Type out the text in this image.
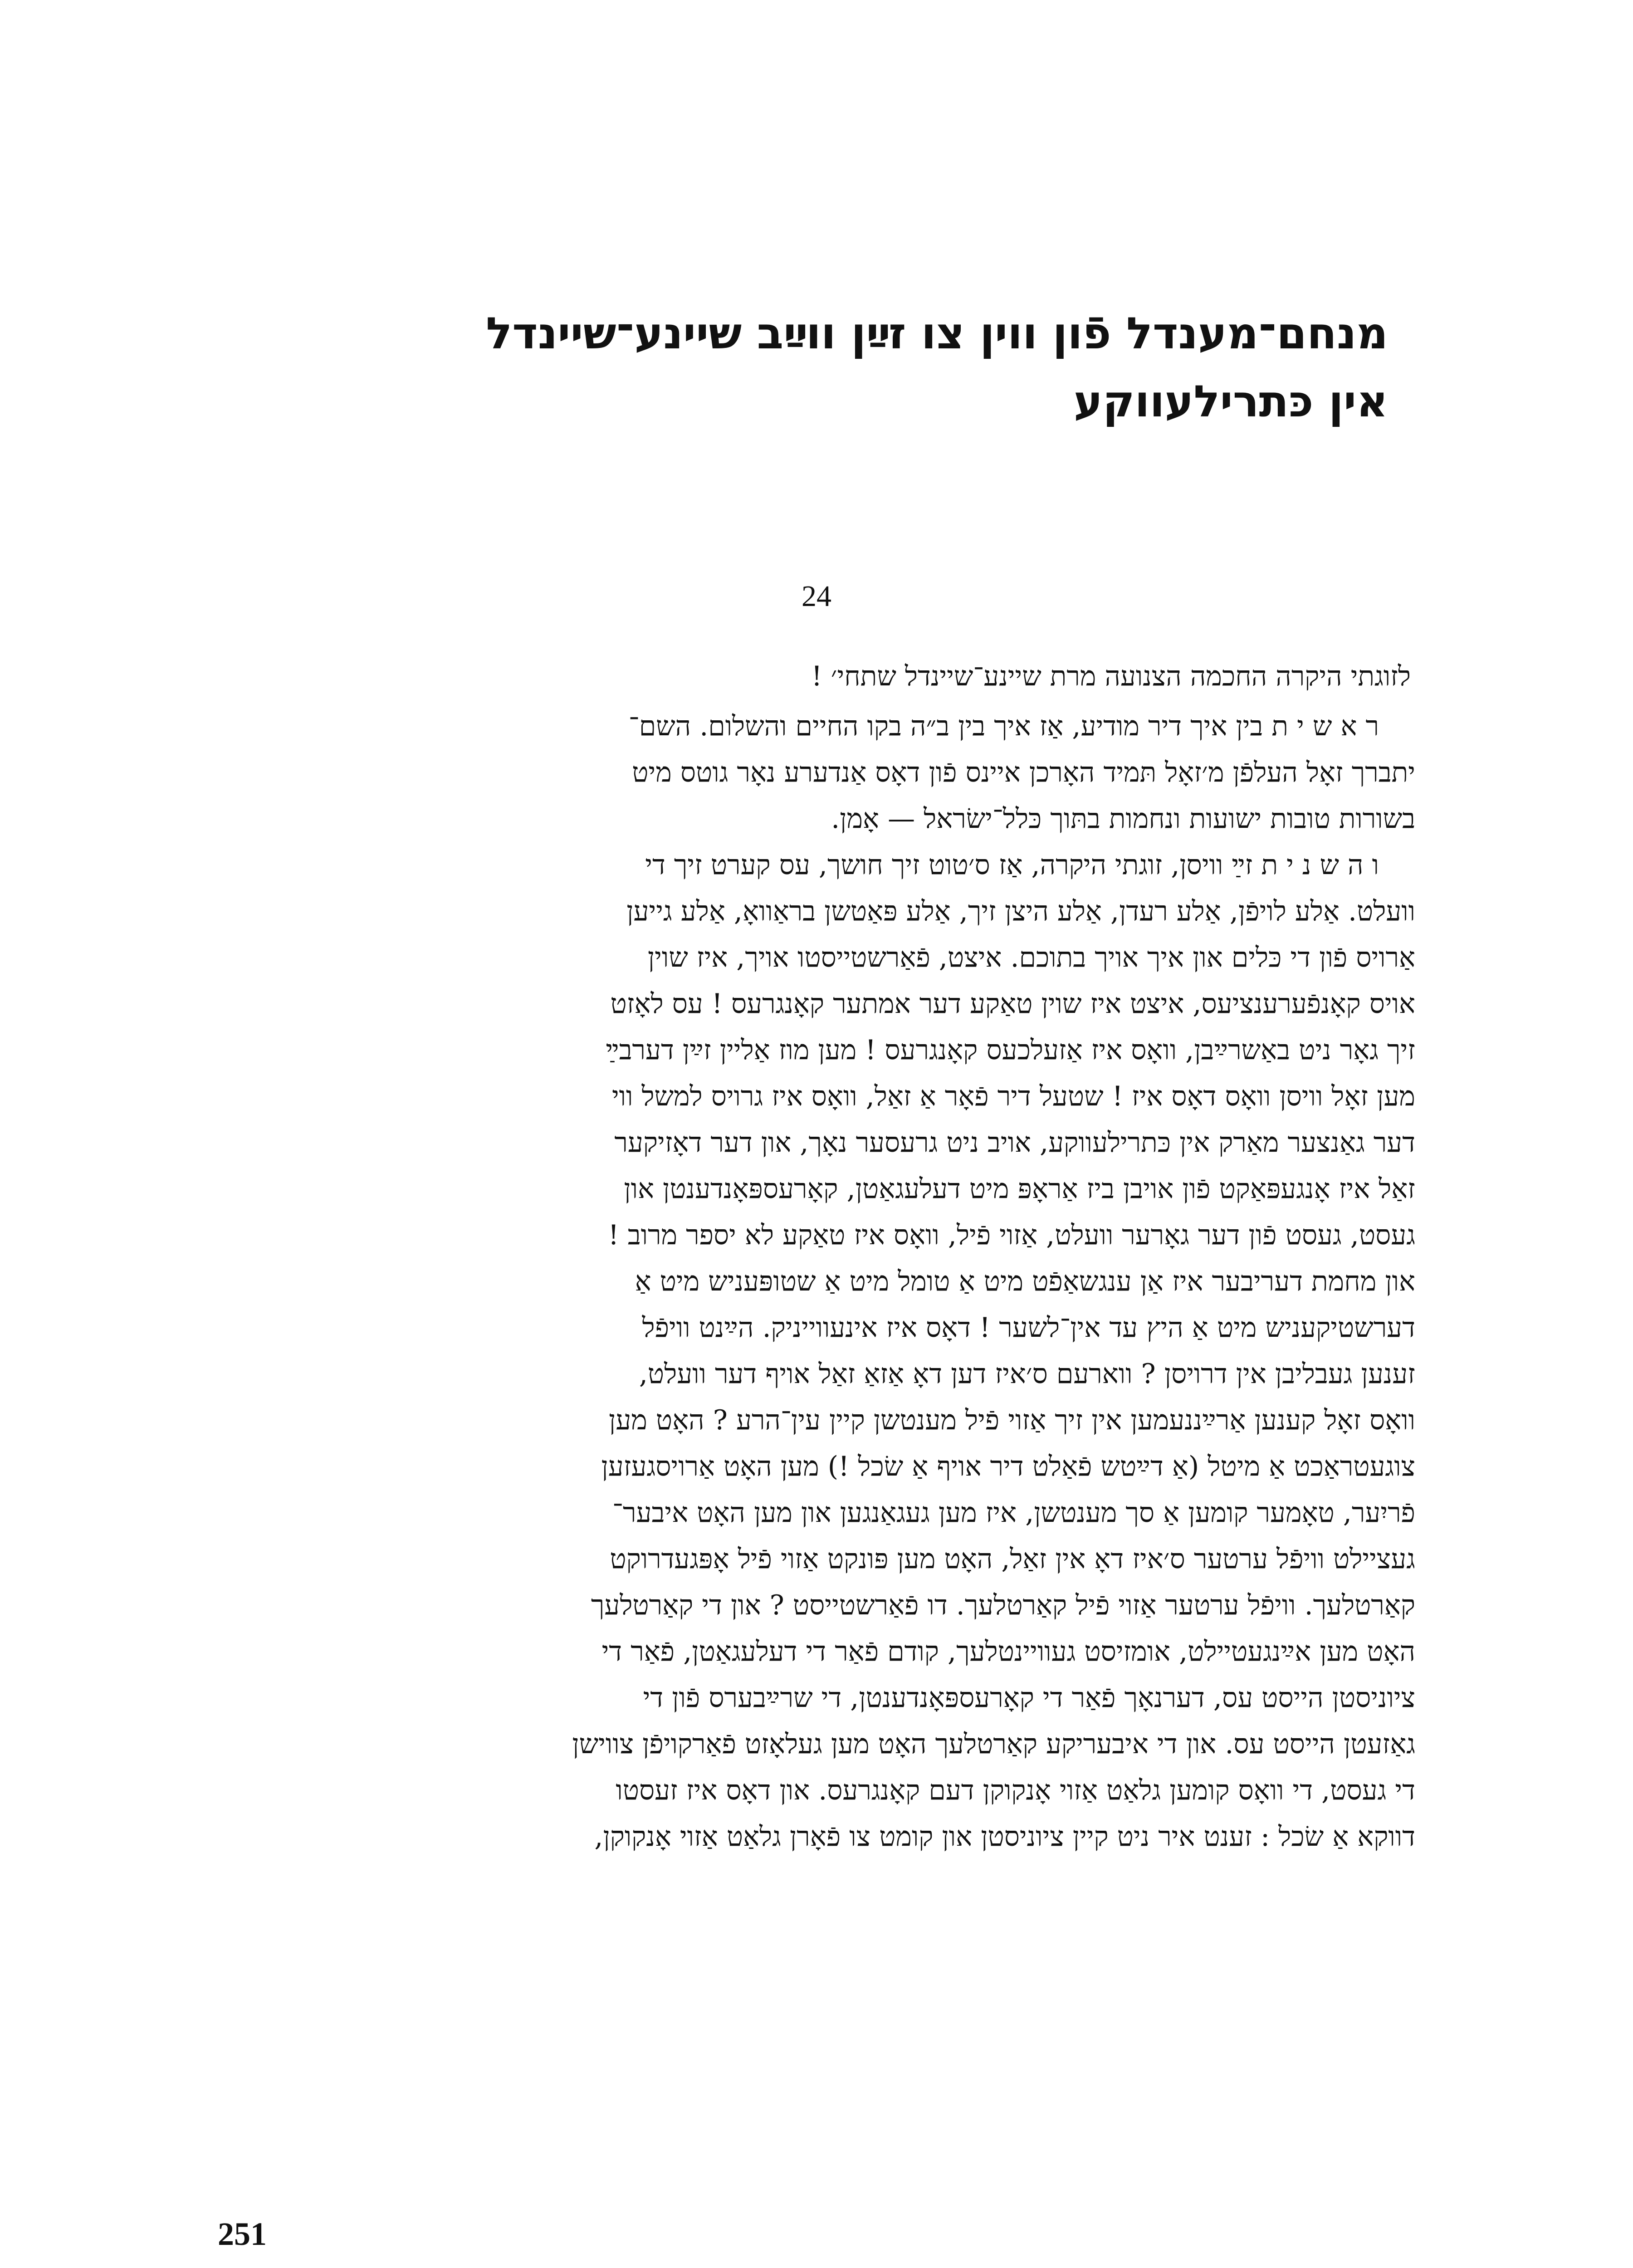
מנחם־מענדל פֿון ווין צו זײַן ווײַב שיינע־שיינדל
אין כּתרילעווקע
24
לזוגתי היקרה החכמה הצנועה מרת שיינע־שיינדל שתחי׳ !
ר א ש י ת בין איך דיר מודיע, אַז איך בין ב״ה בקו החיים והשלום. השם־
יתברך זאָל העלפֿן מ׳זאָל תּמיד האָרכן איינס פֿון דאָס אַנדערע נאָר גוטס מיט
בשורות טובות ישועות ונחמות בתּוך כּלל־ישׂראל — אָמן.
ו ה ש נ י ת זײַ וויסן, זוגתי היקרה, אַז ס׳טוט זיך חושך, עס קערט זיך די
וועלט. אַלע לויפֿן, אַלע רעדן, אַלע היצן זיך, אַלע פּאַטשן בראַוואָ, אַלע גייען
אַרויס פֿון די כּלים און איך אויך בתוכם. איצט, פֿאַרשטייסטו אויך, איז שוין
אויס קאָנפֿערענציעס, איצט איז שוין טאַקע דער אמתער קאָנגרעס ! עס לאָזט
זיך גאָר ניט באַשרײַבן, וואָס איז אַזעלכעס קאָנגרעס ! מען מוז אַליין זײַן דערבײַ
מען זאָל וויסן וואָס דאָס איז ! שטעל דיר פֿאָר אַ זאַל, וואָס איז גרויס למשל ווי
דער גאַנצער מאַרק אין כּתרילעווקע, אויב ניט גרעסער נאָך, און דער דאָזיקער
זאַל איז אָנגעפּאַקט פֿון אויבן ביז אַראָפּ מיט דעלעגאַטן, קאָרעספּאָנדענטן און
געסט, געסט פֿון דער גאָרער וועלט, אַזוי פֿיל, וואָס איז טאַקע לא יספר מרוב !
און מחמת דעריבער איז אַן ענגשאַפֿט מיט אַ טומל מיט אַ שטופּעניש מיט אַ
דערשטיקעניש מיט אַ היץ עד אין־לשער ! דאָס איז אינעווייניק. הײַנט וויפֿל
זענען געבליבן אין דרויסן ? ווארעם ס׳איז דען דאָ אַזאַ זאַל אויף דער וועלט,
וואָס זאָל קענען אַרײַננעמען אין זיך אַזוי פֿיל מענטשן קיין עין־הרע ? האָט מען
צוגעטראַכט אַ מיטל (אַ דײַטש פֿאַלט דיר אויף אַ שׂכל !) מען האָט אַרויסגעזען
פֿריִער, טאָמער קומען אַ סך מענטשן, איז מען געגאַנגען און מען האָט איבער־
געציילט וויפֿל ערטער ס׳איז דאָ אין זאַל, האָט מען פּונקט אַזוי פֿיל אָפּגעדרוקט
קאַרטלעך. וויפֿל ערטער אַזוי פֿיל קאַרטלעך. דו פֿאַרשטייסט ? און די קאַרטלעך
האָט מען אײַנגעטיילט, אומזיסט געוויינטלעך, קודם פֿאַר די דעלעגאַטן, פֿאַר די
ציוניסטן הייסט עס, דערנאָך פֿאַר די קאָרעספּאָנדענטן, די שרײַבערס פֿון די
גאַזעטן הייסט עס. און די איבעריקע קאַרטלעך האָט מען געלאָזט פֿאַרקויפֿן צווישן
די געסט, די וואָס קומען גלאַט אַזוי אָנקוקן דעם קאָנגרעס. און דאָס איז זעסטו
דווקא אַ שׂכל : זענט איר ניט קיין ציוניסטן און קומט צו פֿאָרן גלאַט אַזוי אָנקוקן,
251
